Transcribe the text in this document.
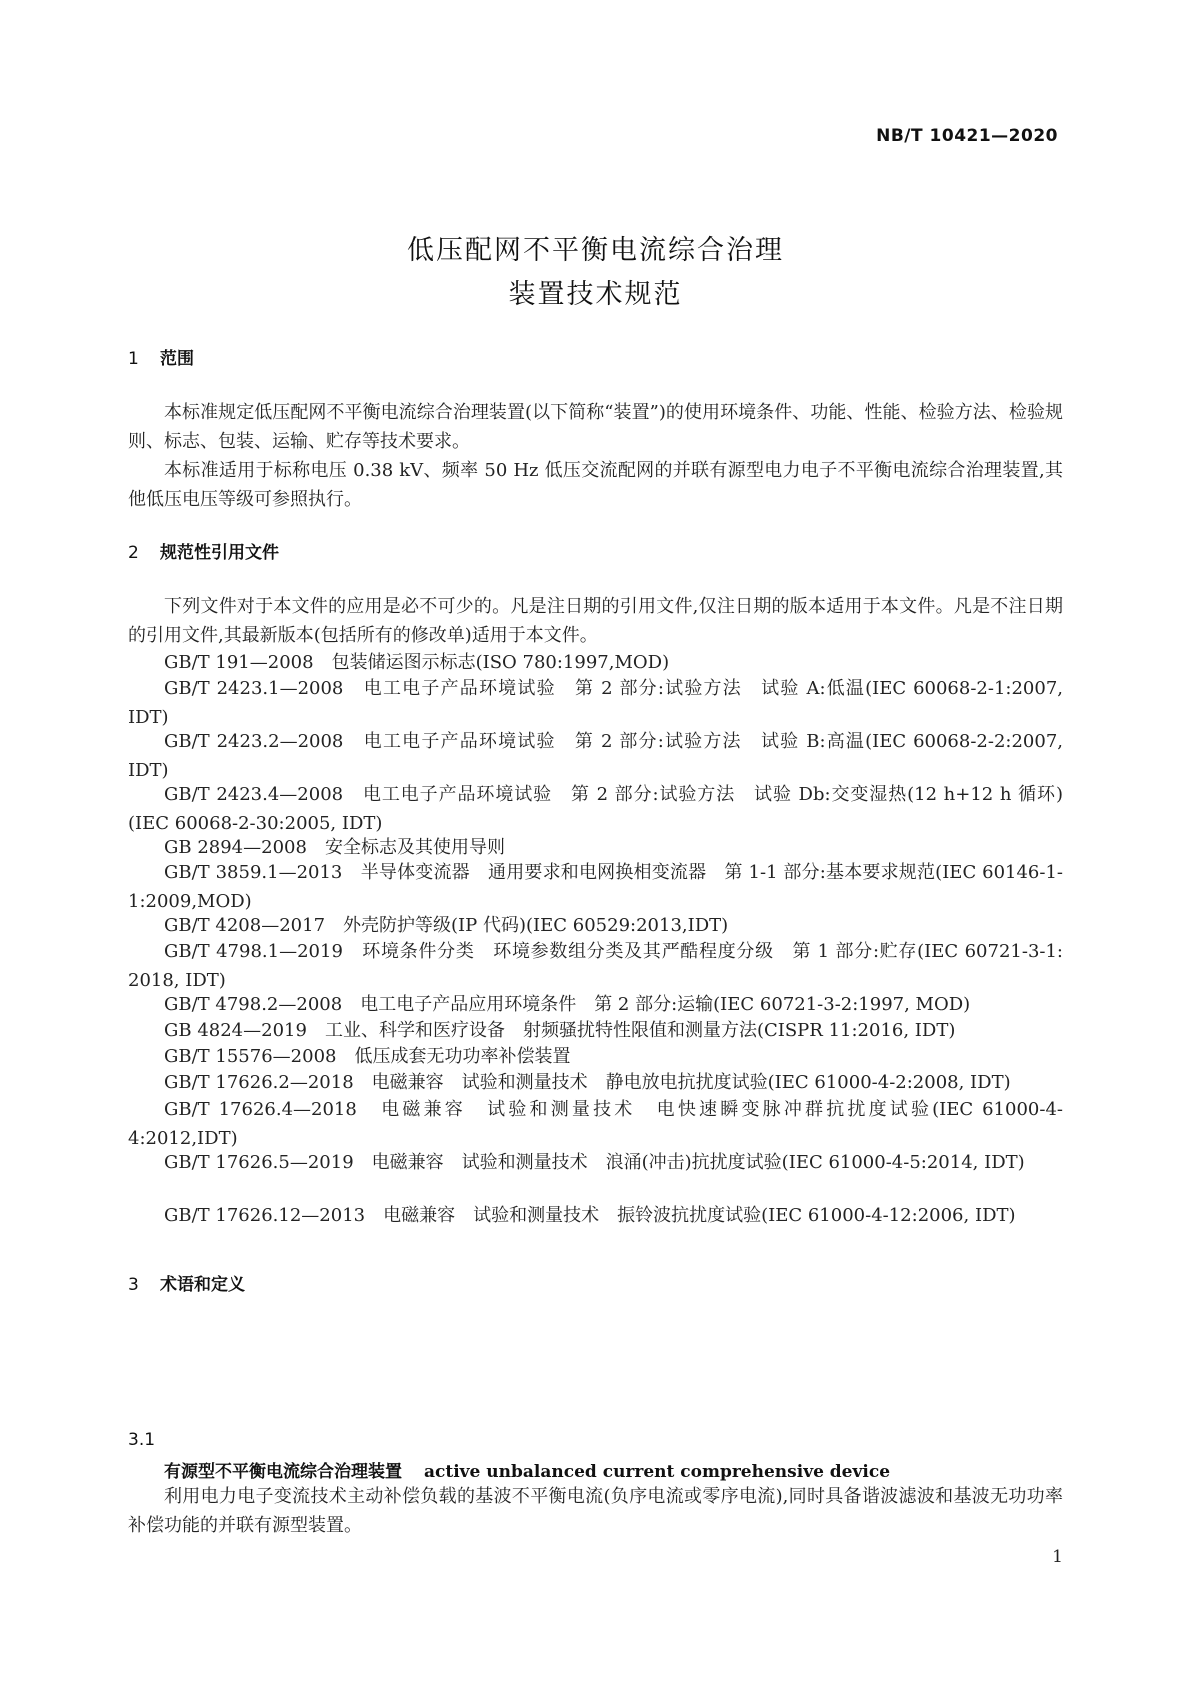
NB/T 10421—2020
低压配网不平衡电流综合治理
装置技术规范
1 范围
本标准规定低压配网不平衡电流综合治理装置(以下简称“装置”)的使用环境条件、功能、性能、检验方法、检验规则、标志、包装、运输、贮存等技术要求。
本标准适用于标称电压 0.38 kV、频率 50 Hz 低压交流配网的并联有源型电力电子不平衡电流综合治理装置,其他低压电压等级可参照执行。
2 规范性引用文件
下列文件对于本文件的应用是必不可少的。凡是注日期的引用文件,仅注日期的版本适用于本文件。凡是不注日期的引用文件,其最新版本(包括所有的修改单)适用于本文件。
GB/T 191—2008　包装储运图示标志(ISO 780:1997,MOD)
GB/T 2423.1—2008　电工电子产品环境试验　第 2 部分:试验方法　试验 A:低温(IEC 60068-2-1:2007, IDT)
GB/T 2423.2—2008　电工电子产品环境试验　第 2 部分:试验方法　试验 B:高温(IEC 60068-2-2:2007, IDT)
GB/T 2423.4—2008　电工电子产品环境试验　第 2 部分:试验方法　试验 Db:交变湿热(12 h+12 h 循环)(IEC 60068-2-30:2005, IDT)
GB 2894—2008　安全标志及其使用导则
GB/T 3859.1—2013　半导体变流器　通用要求和电网换相变流器　第 1-1 部分:基本要求规范(IEC 60146-1-1:2009,MOD)
GB/T 4208—2017　外壳防护等级(IP 代码)(IEC 60529:2013,IDT)
GB/T 4798.1—2019　环境条件分类　环境参数组分类及其严酷程度分级　第 1 部分:贮存(IEC 60721-3-1: 2018, IDT)
GB/T 4798.2—2008　电工电子产品应用环境条件　第 2 部分:运输(IEC 60721-3-2:1997, MOD)
GB 4824—2019　工业、科学和医疗设备　射频骚扰特性限值和测量方法(CISPR 11:2016, IDT)
GB/T 15576—2008　低压成套无功功率补偿装置
GB/T 17626.2—2018　电磁兼容　试验和测量技术　静电放电抗扰度试验(IEC 61000-4-2:2008, IDT)
GB/T 17626.4—2018　电磁兼容　试验和测量技术　电快速瞬变脉冲群抗扰度试验(IEC 61000-4-4:2012,IDT)
GB/T 17626.5—2019　电磁兼容　试验和测量技术　浪涌(冲击)抗扰度试验(IEC 61000-4-5:2014, IDT)
GB/T 17626.12—2013　电磁兼容　试验和测量技术　振铃波抗扰度试验(IEC 61000-4-12:2006, IDT)
3 术语和定义
3.1
有源型不平衡电流综合治理装置 active unbalanced current comprehensive device
利用电力电子变流技术主动补偿负载的基波不平衡电流(负序电流或零序电流),同时具备谐波滤波和基波无功功率补偿功能的并联有源型装置。
1
